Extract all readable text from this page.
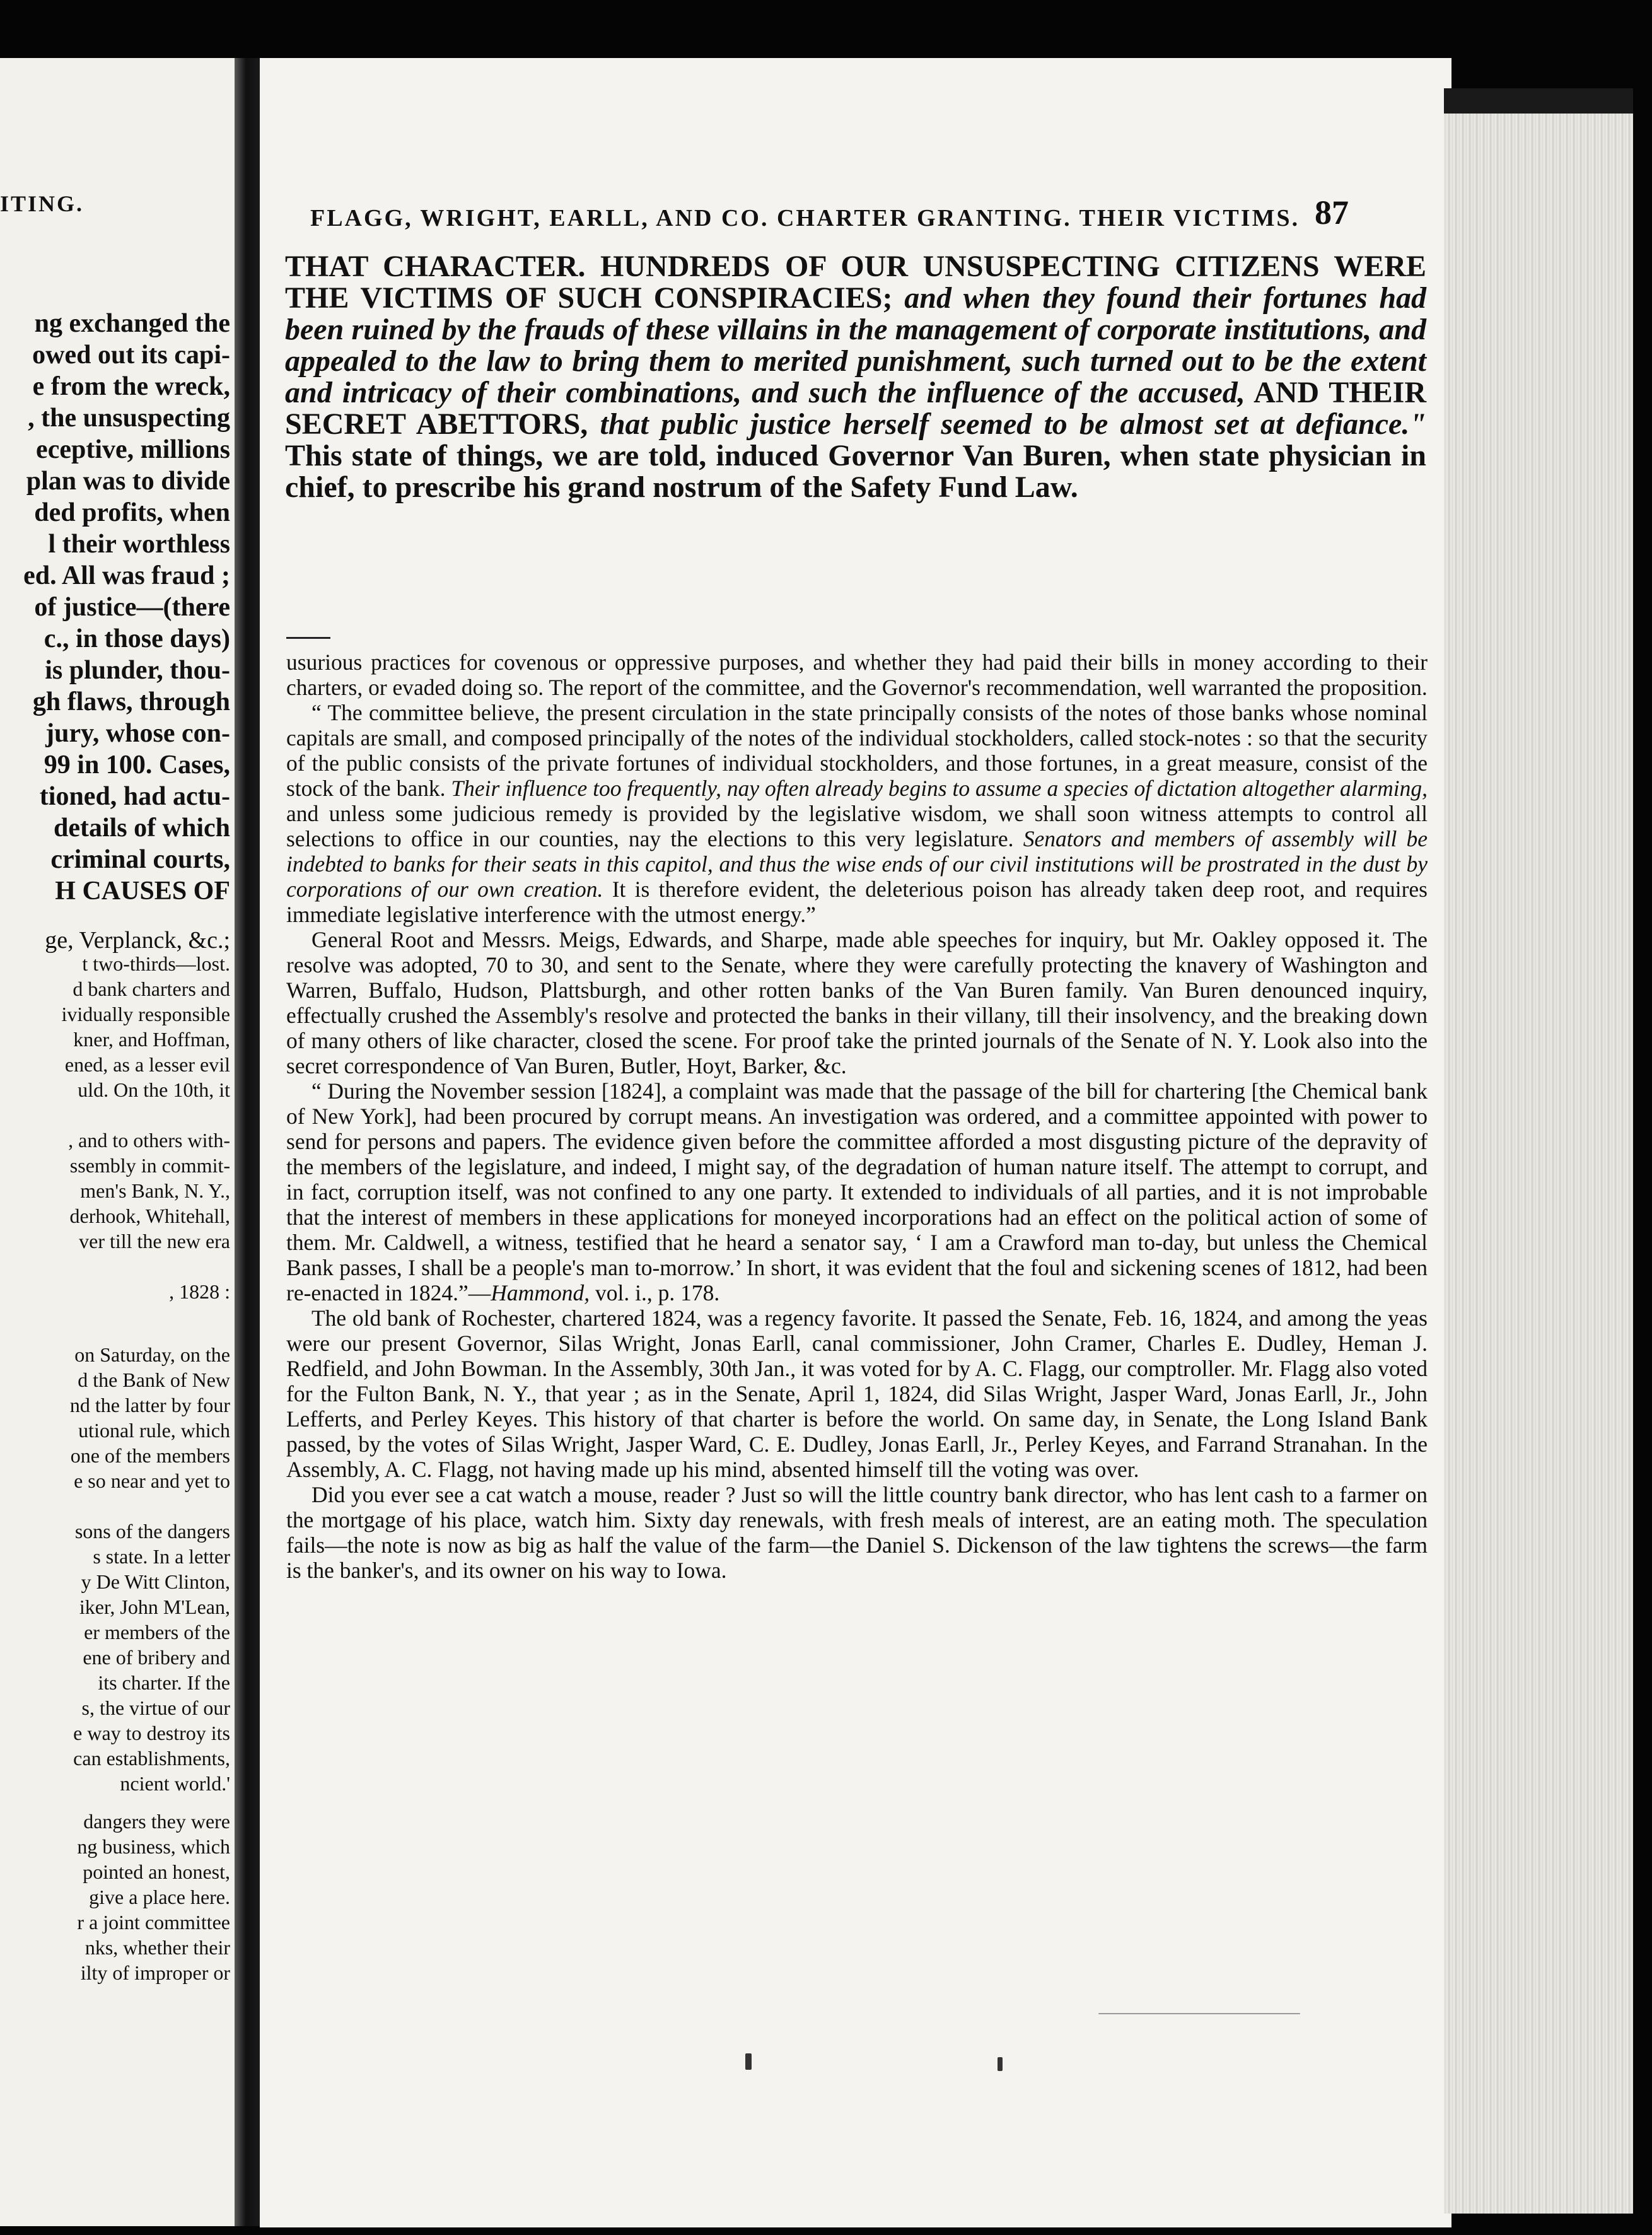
ITING.
ng exchanged the
owed out its capi-
e from the wreck,
, the unsuspecting
eceptive, millions
plan was to divide
ded profits, when
l their worthless
ed. All was fraud ;
of justice—(there
c., in those days)
is plunder, thou-
gh flaws, through
jury, whose con-
99 in 100. Cases,
tioned, had actu-
details of which
criminal courts,
H CAUSES OF
ge, Verplanck, &c.;
t two-thirds—lost.
d bank charters and
ividually responsible
kner, and Hoffman,
ened, as a lesser evil
uld. On the 10th, it
, and to others with-
ssembly in commit-
men's Bank, N. Y.,
derhook, Whitehall,
ver till the new era
, 1828 :
on Saturday, on the
d the Bank of New
nd the latter by four
utional rule, which
one of the members
e so near and yet to
sons of the dangers
s state. In a letter
y De Witt Clinton,
iker, John M'Lean,
er members of the
ene of bribery and
its charter. If the
s, the virtue of our
e way to destroy its
can establishments,
ncient world.'
dangers they were
ng business, which
pointed an honest,
give a place here.
r a joint committee
nks, whether their
ilty of improper or
FLAGG, WRIGHT, EARLL, AND CO. CHARTER GRANTING. THEIR VICTIMS. 87
THAT CHARACTER. HUNDREDS OF OUR UNSUSPECTING CITIZENS WERE THE VICTIMS OF SUCH CONSPIRACIES; and when they found their fortunes had been ruined by the frauds of these villains in the management of corporate institutions, and appealed to the law to bring them to merited punishment, such turned out to be the extent and intricacy of their combinations, and such the influence of the accused, AND THEIR SECRET ABETTORS, that public justice herself seemed to be almost set at defiance." This state of things, we are told, induced Governor Van Buren, when state physician in chief, to prescribe his grand nostrum of the Safety Fund Law.

usurious practices for covenous or oppressive purposes, and whether they had paid their bills in money according to their charters, or evaded doing so. The report of the committee, and the Governor's recommendation, well warranted the proposition.

“ The committee believe, the present circulation in the state principally consists of the notes of those banks whose nominal capitals are small, and composed principally of the notes of the individual stockholders, called stock-notes : so that the security of the public consists of the private fortunes of individual stockholders, and those fortunes, in a great measure, consist of the stock of the bank. Their influence too frequently, nay often already begins to assume a species of dictation altogether alarming, and unless some judicious remedy is provided by the legislative wisdom, we shall soon witness attempts to control all selections to office in our counties, nay the elections to this very legislature. Senators and members of assembly will be indebted to banks for their seats in this capitol, and thus the wise ends of our civil institutions will be prostrated in the dust by corporations of our own creation. It is therefore evident, the deleterious poison has already taken deep root, and requires immediate legislative interference with the utmost energy.”

General Root and Messrs. Meigs, Edwards, and Sharpe, made able speeches for inquiry, but Mr. Oakley opposed it. The resolve was adopted, 70 to 30, and sent to the Senate, where they were carefully protecting the knavery of Washington and Warren, Buffalo, Hudson, Plattsburgh, and other rotten banks of the Van Buren family. Van Buren denounced inquiry, effectually crushed the Assembly's resolve and protected the banks in their villany, till their insolvency, and the breaking down of many others of like character, closed the scene. For proof take the printed journals of the Senate of N. Y. Look also into the secret correspondence of Van Buren, Butler, Hoyt, Barker, &c.

“ During the November session [1824], a complaint was made that the passage of the bill for chartering [the Chemical bank of New York], had been procured by corrupt means. An investigation was ordered, and a committee appointed with power to send for persons and papers. The evidence given before the committee afforded a most disgusting picture of the depravity of the members of the legislature, and indeed, I might say, of the degradation of human nature itself. The attempt to corrupt, and in fact, corruption itself, was not confined to any one party. It extended to individuals of all parties, and it is not improbable that the interest of members in these applications for moneyed incorporations had an effect on the political action of some of them. Mr. Caldwell, a witness, testified that he heard a senator say, ‘ I am a Crawford man to-day, but unless the Chemical Bank passes, I shall be a people's man to-morrow.’ In short, it was evident that the foul and sickening scenes of 1812, had been re-enacted in 1824.”—Hammond, vol. i., p. 178.

The old bank of Rochester, chartered 1824, was a regency favorite. It passed the Senate, Feb. 16, 1824, and among the yeas were our present Governor, Silas Wright, Jonas Earll, canal commissioner, John Cramer, Charles E. Dudley, Heman J. Redfield, and John Bowman. In the Assembly, 30th Jan., it was voted for by A. C. Flagg, our comptroller. Mr. Flagg also voted for the Fulton Bank, N. Y., that year ; as in the Senate, April 1, 1824, did Silas Wright, Jasper Ward, Jonas Earll, Jr., John Lefferts, and Perley Keyes. This history of that charter is before the world. On same day, in Senate, the Long Island Bank passed, by the votes of Silas Wright, Jasper Ward, C. E. Dudley, Jonas Earll, Jr., Perley Keyes, and Farrand Stranahan. In the Assembly, A. C. Flagg, not having made up his mind, absented himself till the voting was over.

Did you ever see a cat watch a mouse, reader ? Just so will the little country bank director, who has lent cash to a farmer on the mortgage of his place, watch him. Sixty day renewals, with fresh meals of interest, are an eating moth. The speculation fails—the note is now as big as half the value of the farm—the Daniel S. Dickenson of the law tightens the screws—the farm is the banker's, and its owner on his way to Iowa.
